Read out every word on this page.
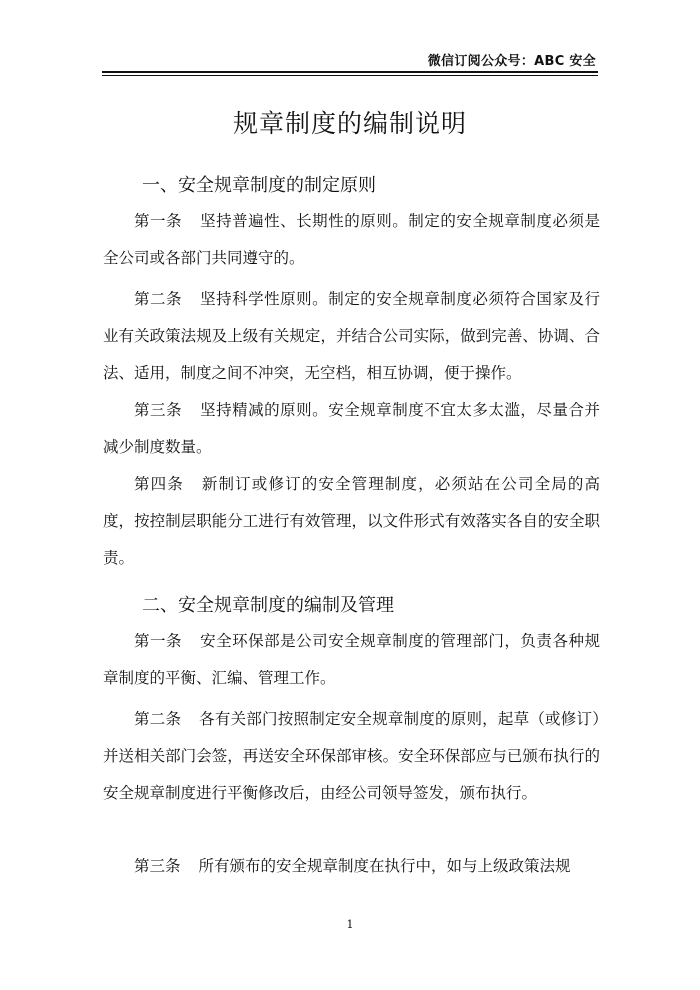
微信订阅公众号：ABC 安全
规章制度的编制说明
一、安全规章制度的制定原则

第一条 坚持普遍性、长期性的原则。制定的安全规章制度必须是全公司或各部门共同遵守的。

第二条 坚持科学性原则。制定的安全规章制度必须符合国家及行业有关政策法规及上级有关规定，并结合公司实际，做到完善、协调、合法、适用，制度之间不冲突，无空档，相互协调，便于操作。

第三条 坚持精减的原则。安全规章制度不宜太多太滥，尽量合并减少制度数量。

第四条 新制订或修订的安全管理制度，必须站在公司全局的高度，按控制层职能分工进行有效管理，以文件形式有效落实各自的安全职责。

二、安全规章制度的编制及管理

第一条 安全环保部是公司安全规章制度的管理部门，负责各种规章制度的平衡、汇编、管理工作。

第二条 各有关部门按照制定安全规章制度的原则，起草（或修订）并送相关部门会签，再送安全环保部审核。安全环保部应与已颁布执行的安全规章制度进行平衡修改后，由经公司领导签发，颁布执行。

第三条 所有颁布的安全规章制度在执行中，如与上级政策法规

1
